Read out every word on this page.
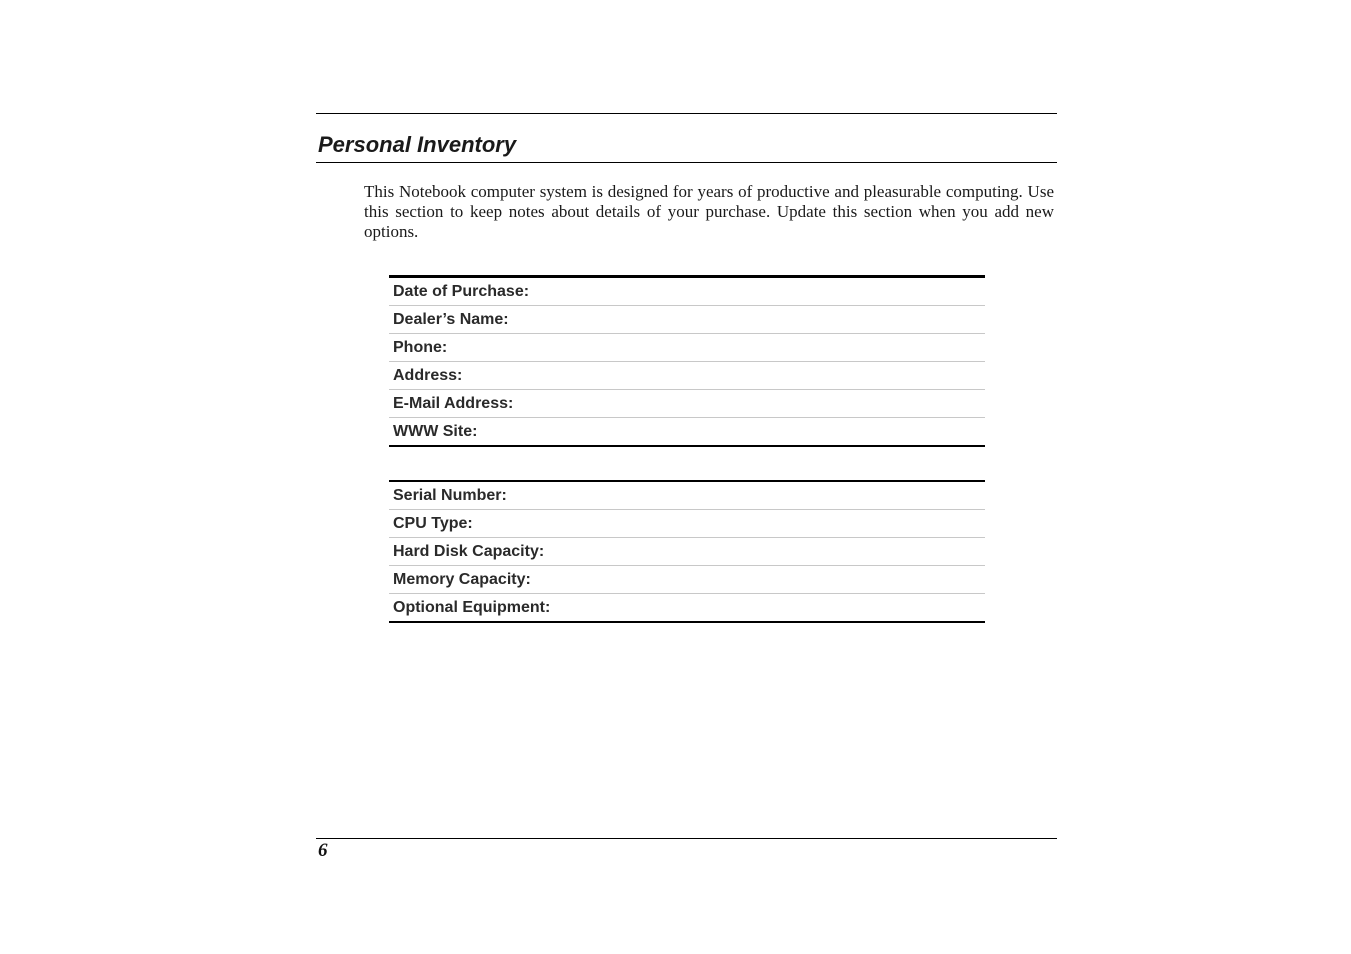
Personal Inventory

This Notebook computer system is designed for years of productive and pleasurable computing. Use this section to keep notes about details of your purchase. Update this section when you add new options.

Date of Purchase:
Dealer’s Name:
Phone:
Address:
E-Mail Address:
WWW Site:
Serial Number:
CPU Type:
Hard Disk Capacity:
Memory Capacity:
Optional Equipment:
6
